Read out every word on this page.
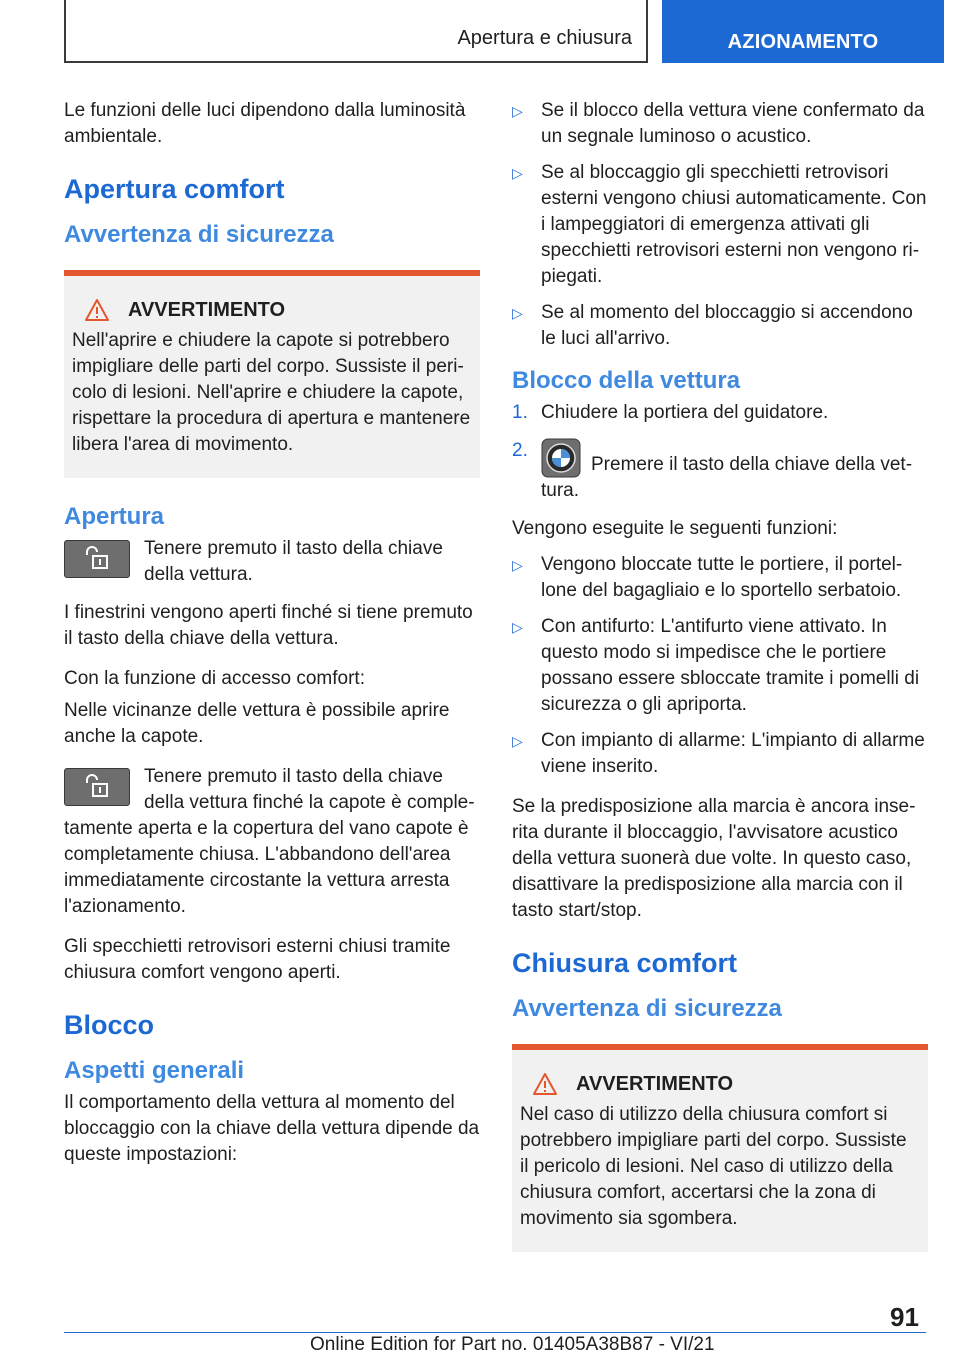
Apertura e chiusura	AZIONAMENTO

Le funzioni delle luci dipendono dalla luminosità ambientale.

Apertura comfort
Avvertenza di sicurezza
AVVERTIMENTO

Nell'aprire e chiudere la capote si potrebbero impigliare delle parti del corpo. Sussiste il pericolo di lesioni. Nell'aprire e chiudere la capote, rispettare la procedura di apertura e mantenere libera l'area di movimento.

Apertura

Tenere premuto il tasto della chiave della vettura.

I finestrini vengono aperti finché si tiene premuto il tasto della chiave della vettura.

Con la funzione di accesso comfort:

Nelle vicinanze delle vettura è possibile aprire anche la capote.

Tenere premuto il tasto della chiave della vettura finché la capote è completamente aperta e la copertura del vano capote è completamente chiusa. L'abbandono dell'area immediatamente circostante la vettura arresta l'azionamento.

Gli specchietti retrovisori esterni chiusi tramite chiusura comfort vengono aperti.

Blocco
Aspetti generali

Il comportamento della vettura al momento del bloccaggio con la chiave della vettura dipende da queste impostazioni:

▷ Se il blocco della vettura viene confermato da un segnale luminoso o acustico.
▷ Se al bloccaggio gli specchietti retrovisori esterni vengono chiusi automaticamente. Con i lampeggiatori di emergenza attivati gli specchietti retrovisori esterni non vengono ripiegati.
▷ Se al momento del bloccaggio si accendono le luci all'arrivo.
Blocco della vettura
1. Chiudere la portiera del guidatore.
2.
Premere il tasto della chiave della vettura.

Vengono eseguite le seguenti funzioni:

▷ Vengono bloccate tutte le portiere, il portellone del bagagliaio e lo sportello serbatoio.
▷ Con antifurto: L'antifurto viene attivato. In questo modo si impedisce che le portiere possano essere sbloccate tramite i pomelli di sicurezza o gli apriporta.
▷ Con impianto di allarme: L'impianto di allarme viene inserito.

Se la predisposizione alla marcia è ancora inserita durante il bloccaggio, l'avvisatore acustico della vettura suonerà due volte. In questo caso, disattivare la predisposizione alla marcia con il tasto start/stop.

Chiusura comfort
Avvertenza di sicurezza
AVVERTIMENTO

Nel caso di utilizzo della chiusura comfort si potrebbero impigliare parti del corpo. Sussiste il pericolo di lesioni. Nel caso di utilizzo della chiusura comfort, accertarsi che la zona di movimento sia sgombera.

91
Online Edition for Part no. 01405A38B87 - VI/21
